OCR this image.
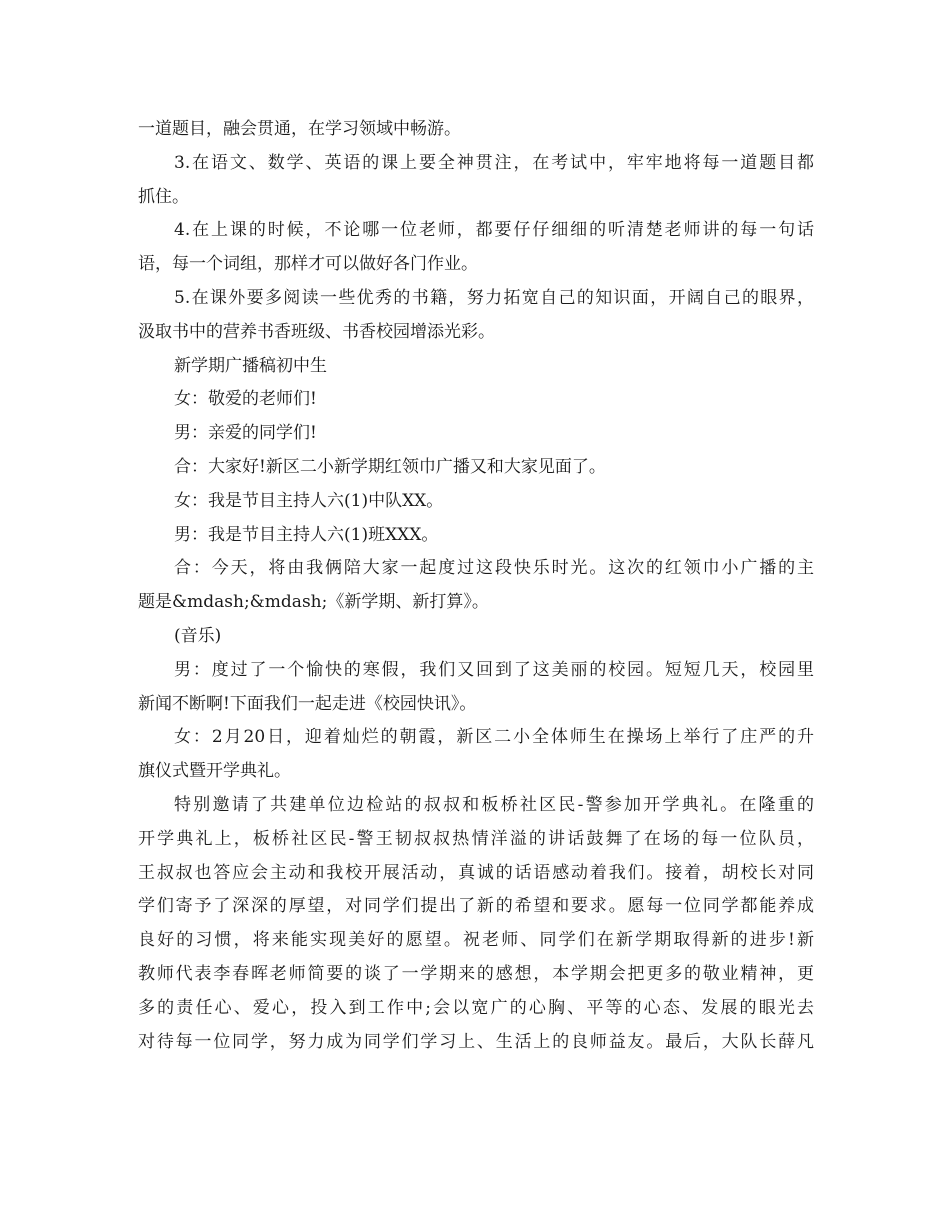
一道题目，融会贯通，在学习领域中畅游。
3.在语文、数学、英语的课上要全神贯注，在考试中，牢牢地将每一道题目都
抓住。
4.在上课的时候，不论哪一位老师，都要仔仔细细的听清楚老师讲的每一句话
语，每一个词组，那样才可以做好各门作业。
5.在课外要多阅读一些优秀的书籍，努力拓宽自己的知识面，开阔自己的眼界，
汲取书中的营养书香班级、书香校园增添光彩。
新学期广播稿初中生
女：敬爱的老师们!
男：亲爱的同学们!
合：大家好!新区二小新学期红领巾广播又和大家见面了。
女：我是节目主持人六(1)中队XX。
男：我是节目主持人六(1)班XXX。
合：今天，将由我俩陪大家一起度过这段快乐时光。这次的红领巾小广播的主
题是&mdash;&mdash;《新学期、新打算》。
(音乐)
男：度过了一个愉快的寒假，我们又回到了这美丽的校园。短短几天，校园里
新闻不断啊!下面我们一起走进《校园快讯》。
女：2月20日，迎着灿烂的朝霞，新区二小全体师生在操场上举行了庄严的升
旗仪式暨开学典礼。
特别邀请了共建单位边检站的叔叔和板桥社区民-警参加开学典礼。在隆重的
开学典礼上，板桥社区民-警王韧叔叔热情洋溢的讲话鼓舞了在场的每一位队员，
王叔叔也答应会主动和我校开展活动，真诚的话语感动着我们。接着，胡校长对同
学们寄予了深深的厚望，对同学们提出了新的希望和要求。愿每一位同学都能养成
良好的习惯，将来能实现美好的愿望。祝老师、同学们在新学期取得新的进步!新
教师代表李春晖老师简要的谈了一学期来的感想，本学期会把更多的敬业精神，更
多的责任心、爱心，投入到工作中;会以宽广的心胸、平等的心态、发展的眼光去
对待每一位同学，努力成为同学们学习上、生活上的良师益友。最后，大队长薛凡
